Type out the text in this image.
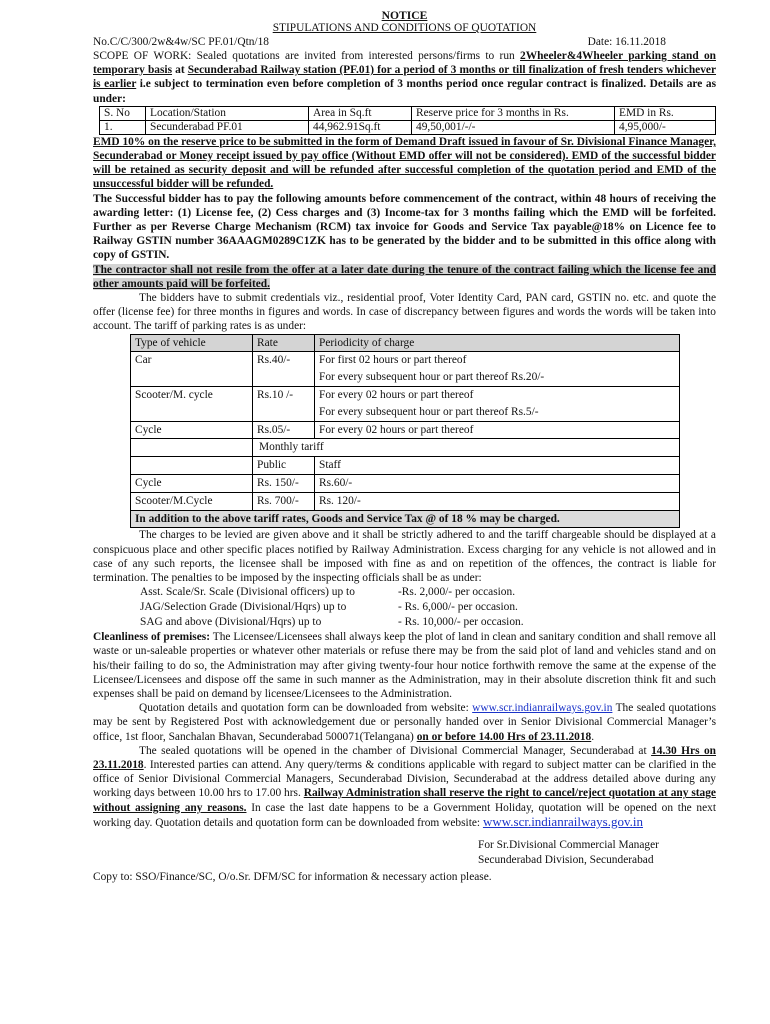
NOTICE
STIPULATIONS AND CONDITIONS OF QUOTATION
No.C/C/300/2w&4w/SC PF.01/Qtn/18	Date: 16.11.2018

SCOPE OF WORK: Sealed quotations are invited from interested persons/firms to run 2Wheeler&4Wheeler parking stand on temporary basis at Secunderabad Railway station (PF.01) for a period of 3 months or till finalization of fresh tenders whichever is earlier i.e subject to termination even before completion of 3 months period once regular contract is finalized. Details are as under:

S. No	Location/Station	Area in Sq.ft	Reserve price for 3 months in Rs.	EMD in Rs.
1.	Secunderabad PF.01	44,962.91Sq.ft	49,50,001/-/-	4,95,000/-

EMD 10% on the reserve price to be submitted in the form of Demand Draft issued in favour of Sr. Divisional Finance Manager, Secunderabad or Money receipt issued by pay office (Without EMD offer will not be considered). EMD of the successful bidder will be retained as security deposit and will be refunded after successful completion of the quotation period and EMD of the unsuccessful bidder will be refunded.

The Successful bidder has to pay the following amounts before commencement of the contract, within 48 hours of receiving the awarding letter: (1) License fee, (2) Cess charges and (3) Income-tax for 3 months failing which the EMD will be forfeited. Further as per Reverse Charge Mechanism (RCM) tax invoice for Goods and Service Tax payable@18% on Licence fee to Railway GSTIN number 36AAAGM0289C1ZK has to be generated by the bidder and to be submitted in this office along with copy of GSTIN.

The contractor shall not resile from the offer at a later date during the tenure of the contract failing which the license fee and other amounts paid will be forfeited.

The bidders have to submit credentials viz., residential proof, Voter Identity Card, PAN card, GSTIN no. etc. and quote the offer (license fee) for three months in figures and words. In case of discrepancy between figures and words the words will be taken into account. The tariff of parking rates is as under:

Type of vehicle	Rate	Periodicity of charge
Car	Rs.40/-	For first 02 hours or part thereof
For every subsequent hour or part thereof Rs.20/-

Scooter/M. cycle	Rs.10 /-	For every 02 hours or part thereof
For every subsequent hour or part thereof Rs.5/-

Cycle	Rs.05/-	For every 02 hours or part thereof
	Monthly tariff	
	Public	Staff
Cycle	Rs. 150/-	Rs.60/-
Scooter/M.Cycle	Rs. 700/-	Rs. 120/-
In addition to the above tariff rates, Goods and Service Tax @ of 18 % may be charged.		

The charges to be levied are given above and it shall be strictly adhered to and the tariff chargeable should be displayed at a conspicuous place and other specific places notified by Railway Administration. Excess charging for any vehicle is not allowed and in case of any such reports, the licensee shall be imposed with fine as and on repetition of the offences, the contract is liable for termination. The penalties to be imposed by the inspecting officials shall be as under:

Asst. Scale/Sr. Scale (Divisional officers) up to	-Rs. 2,000/- per occasion.
JAG/Selection Grade (Divisional/Hqrs) up to	- Rs. 6,000/- per occasion.
SAG and above (Divisional/Hqrs) up to	- Rs. 10,000/- per occasion.

Cleanliness of premises: The Licensee/Licensees shall always keep the plot of land in clean and sanitary condition and shall remove all waste or un-saleable properties or whatever other materials or refuse there may be from the said plot of land and vehicles stand and on his/their failing to do so, the Administration may after giving twenty-four hour notice forthwith remove the same at the expense of the Licensee/Licensees and dispose off the same in such manner as the Administration, may in their absolute discretion think fit and such expenses shall be paid on demand by licensee/Licensees to the Administration.

Quotation details and quotation form can be downloaded from website: www.scr.indianrailways.gov.in The sealed quotations may be sent by Registered Post with acknowledgement due or personally handed over in Senior Divisional Commercial Manager’s office, 1st floor, Sanchalan Bhavan, Secunderabad 500071(Telangana) on or before 14.00 Hrs of 23.11.2018.

The sealed quotations will be opened in the chamber of Divisional Commercial Manager, Secunderabad at 14.30 Hrs on 23.11.2018. Interested parties can attend. Any query/terms & conditions applicable with regard to subject matter can be clarified in the office of Senior Divisional Commercial Managers, Secunderabad Division, Secunderabad at the address detailed above during any working days between 10.00 hrs to 17.00 hrs. Railway Administration shall reserve the right to cancel/reject quotation at any stage without assigning any reasons. In case the last date happens to be a Government Holiday, quotation will be opened on the next working day. Quotation details and quotation form can be downloaded from website: www.scr.indianrailways.gov.in

For Sr.Divisional Commercial Manager
Secunderabad Division, Secunderabad
Copy to: SSO/Finance/SC, O/o.Sr. DFM/SC for information & necessary action please.
